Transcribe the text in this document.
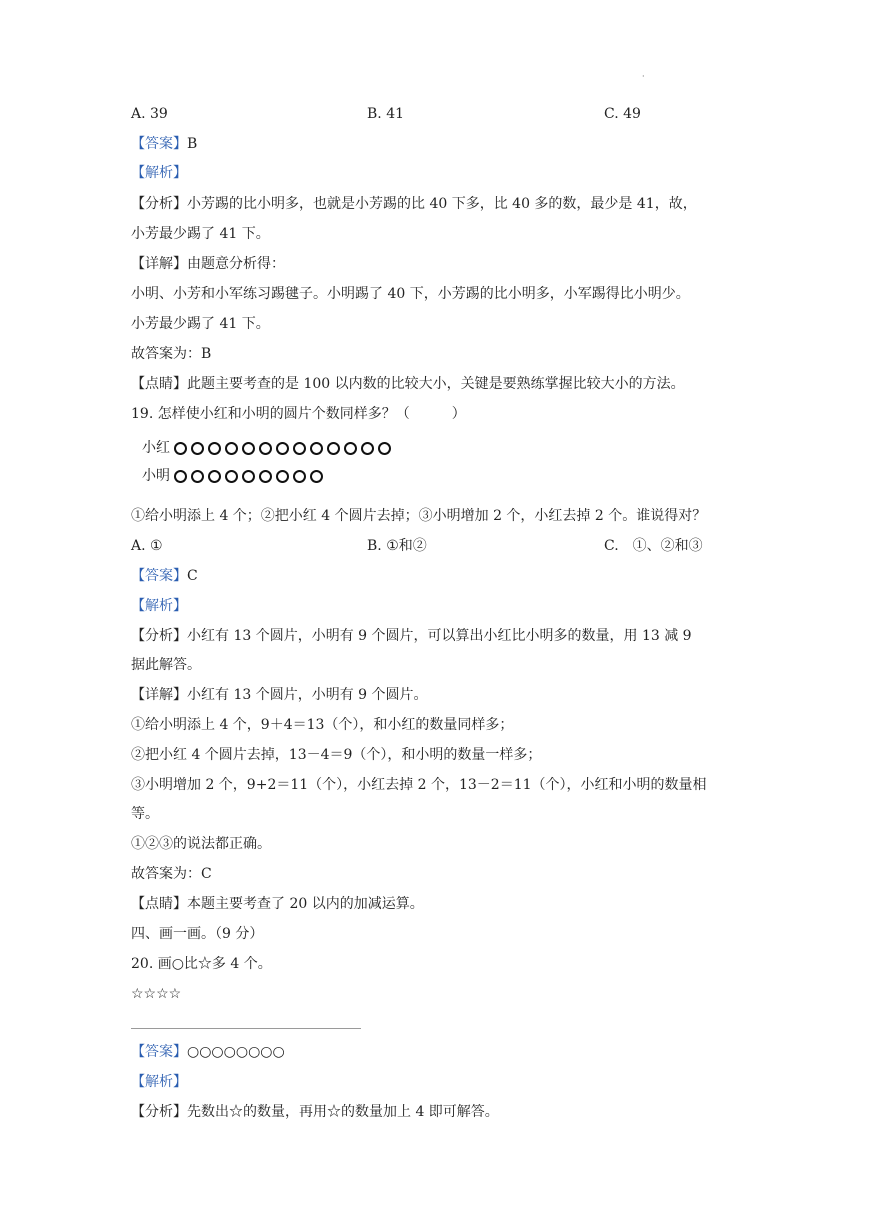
·
A. 39	B. 41	C. 49
【答案】B
【解析】
【分析】小芳踢的比小明多，也就是小芳踢的比 40 下多，比 40 多的数，最少是 41，故，
小芳最少踢了 41 下。
【详解】由题意分析得：
小明、小芳和小军练习踢毽子。小明踢了 40 下，小芳踢的比小明多，小军踢得比小明少。
小芳最少踢了 41 下。
故答案为：B
【点睛】此题主要考查的是 100 以内数的比较大小，关键是要熟练掌握比较大小的方法。
19. 怎样使小红和小明的圆片个数同样多？（　　　）
小红
小明
①给小明添上 4 个；②把小红 4 个圆片去掉；③小明增加 2 个，小红去掉 2 个。谁说得对？
A. ①	B. ①和②	C.　①、②和③
【答案】C
【解析】
【分析】小红有 13 个圆片，小明有 9 个圆片，可以算出小红比小明多的数量，用 13 减 9
据此解答。
【详解】小红有 13 个圆片，小明有 9 个圆片。
①给小明添上 4 个，9＋4＝13（个），和小红的数量同样多；
②把小红 4 个圆片去掉，13－4＝9（个），和小明的数量一样多；
③小明增加 2 个，9+2＝11（个），小红去掉 2 个，13－2＝11（个），小红和小明的数量相
等。
①②③的说法都正确。
故答案为：C
【点睛】本题主要考查了 20 以内的加减运算。
四、画一画。（9 分）
20. 画○比☆多 4 个。
☆☆☆☆
【答案】○○○○○○○○
【解析】
【分析】先数出☆的数量，再用☆的数量加上 4 即可解答。
